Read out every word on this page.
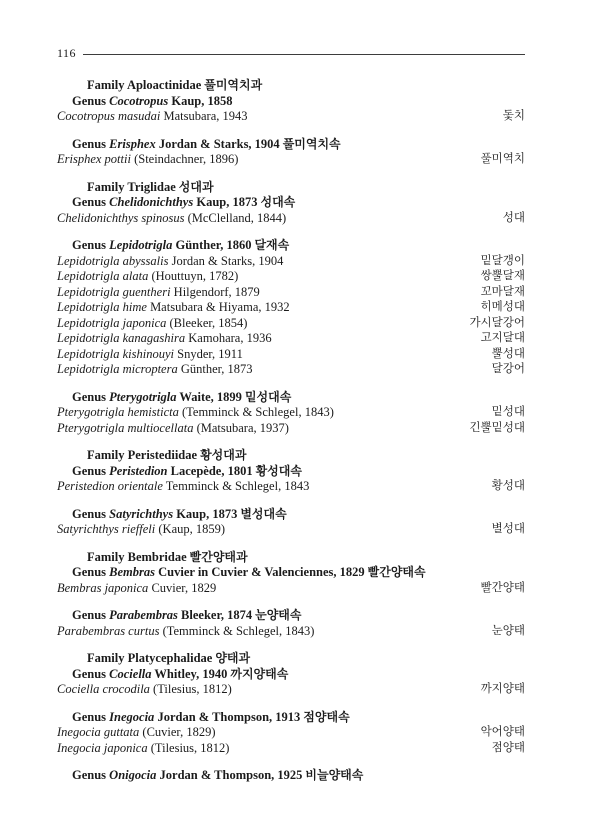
116
Family Aploactinidae 풀미역치과
Genus Cocotropus Kaup, 1858
Cocotropus masudai Matsubara, 1943	돛치
Genus Erisphex Jordan & Starks, 1904 풀미역치속
Erisphex pottii (Steindachner, 1896)	풀미역치
Family Triglidae 성대과
Genus Chelidonichthys Kaup, 1873 성대속
Chelidonichthys spinosus (McClelland, 1844)	성대
Genus Lepidotrigla Günther, 1860 달재속
Lepidotrigla abyssalis Jordan & Starks, 1904	밑달갱이
Lepidotrigla alata (Houttuyn, 1782)	쌍뿔달재
Lepidotrigla guentheri Hilgendorf, 1879	꼬마달재
Lepidotrigla hime Matsubara & Hiyama, 1932	히메성대
Lepidotrigla japonica (Bleeker, 1854)	가시달강어
Lepidotrigla kanagashira Kamohara, 1936	고지달대
Lepidotrigla kishinouyi Snyder, 1911	뿔성대
Lepidotrigla microptera Günther, 1873	달강어
Genus Pterygotrigla Waite, 1899 밑성대속
Pterygotrigla hemisticta (Temminck & Schlegel, 1843)	밑성대
Pterygotrigla multiocellata (Matsubara, 1937)	긴뿔밑성대
Family Peristediidae 황성대과
Genus Peristedion Lacepède, 1801 황성대속
Peristedion orientale Temminck & Schlegel, 1843	황성대
Genus Satyrichthys Kaup, 1873 별성대속
Satyrichthys rieffeli (Kaup, 1859)	별성대
Family Bembridae 빨간양태과
Genus Bembras Cuvier in Cuvier & Valenciennes, 1829 빨간양태속
Bembras japonica Cuvier, 1829	빨간양태
Genus Parabembras Bleeker, 1874 눈양태속
Parabembras curtus (Temminck & Schlegel, 1843)	눈양태
Family Platycephalidae 양태과
Genus Cociella Whitley, 1940 까지양태속
Cociella crocodila (Tilesius, 1812)	까지양태
Genus Inegocia Jordan & Thompson, 1913 점양태속
Inegocia guttata (Cuvier, 1829)	악어양태
Inegocia japonica (Tilesius, 1812)	점양태
Genus Onigocia Jordan & Thompson, 1925 비늘양태속
